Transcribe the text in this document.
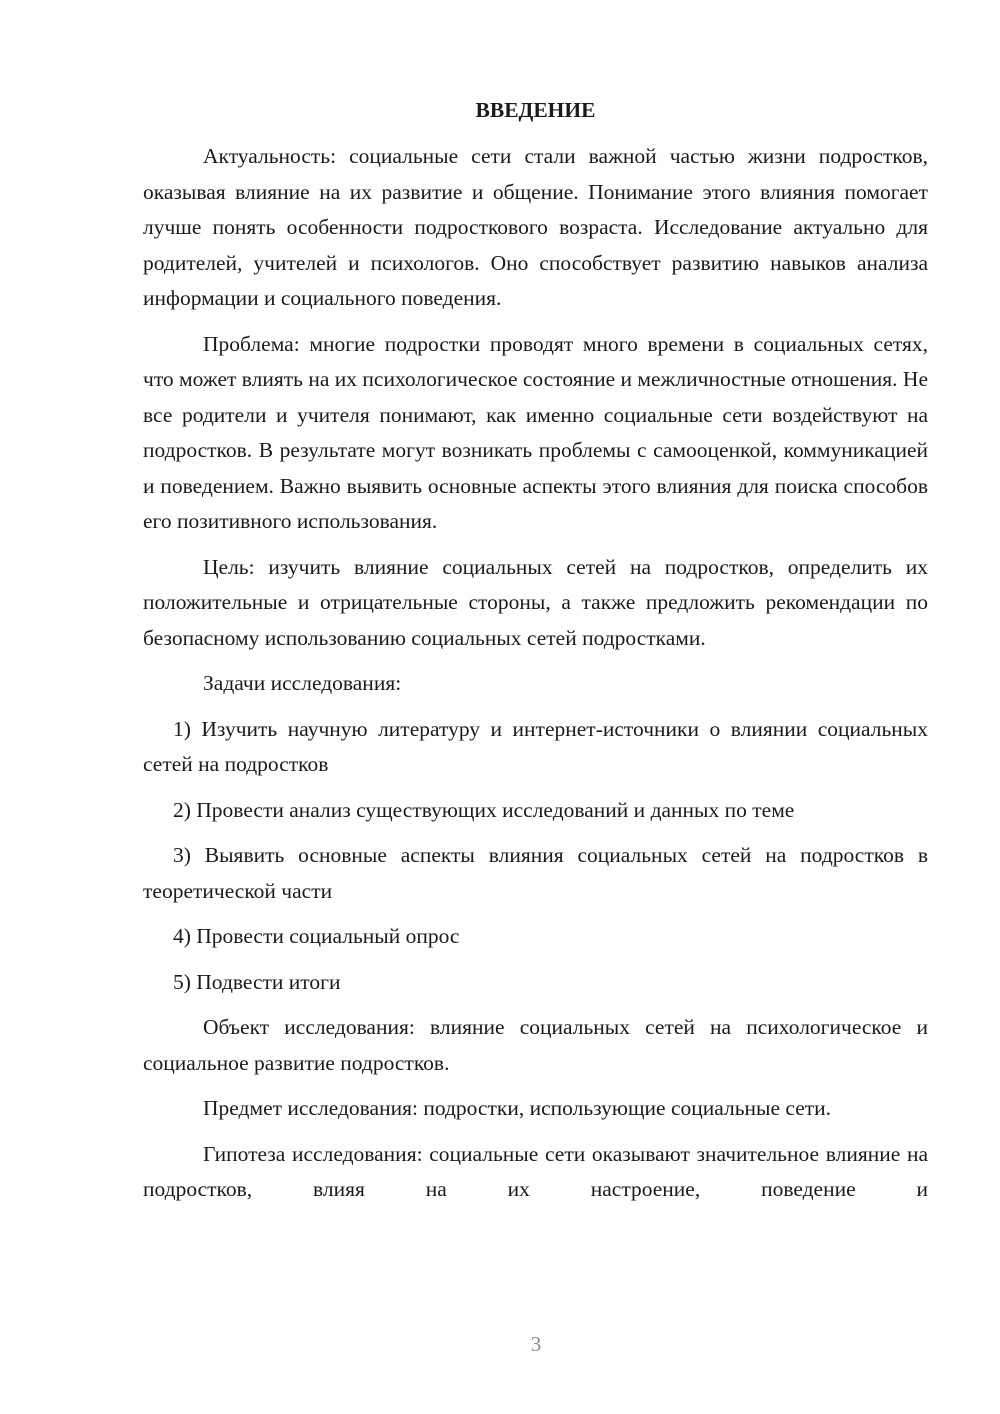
ВВЕДЕНИЕ

Актуальность: социальные сети стали важной частью жизни подростков, оказывая влияние на их развитие и общение. Понимание этого влияния помогает лучше понять особенности подросткового возраста. Исследование актуально для родителей, учителей и психологов. Оно способствует развитию навыков анализа информации и социального поведения.

Проблема: многие подростки проводят много времени в социальных сетях, что может влиять на их психологическое состояние и межличностные отношения. Не все родители и учителя понимают, как именно социальные сети воздействуют на подростков. В результате могут возникать проблемы с самооценкой, коммуникацией и поведением. Важно выявить основные аспекты этого влияния для поиска способов его позитивного использования.

Цель: изучить влияние социальных сетей на подростков, определить их положительные и отрицательные стороны, а также предложить рекомендации по безопасному использованию социальных сетей подростками.

Задачи исследования:

1) Изучить научную литературу и интернет-источники о влиянии социальных сетей на подростков

2) Провести анализ существующих исследований и данных по теме

3) Выявить основные аспекты влияния социальных сетей на подростков в теоретической части

4) Провести социальный опрос

5) Подвести итоги

Объект исследования: влияние социальных сетей на психологическое и социальное развитие подростков.

Предмет исследования: подростки, использующие социальные сети.

Гипотеза исследования: социальные сети оказывают значительное влияние на подростков, влияя на их настроение, поведение и

3
